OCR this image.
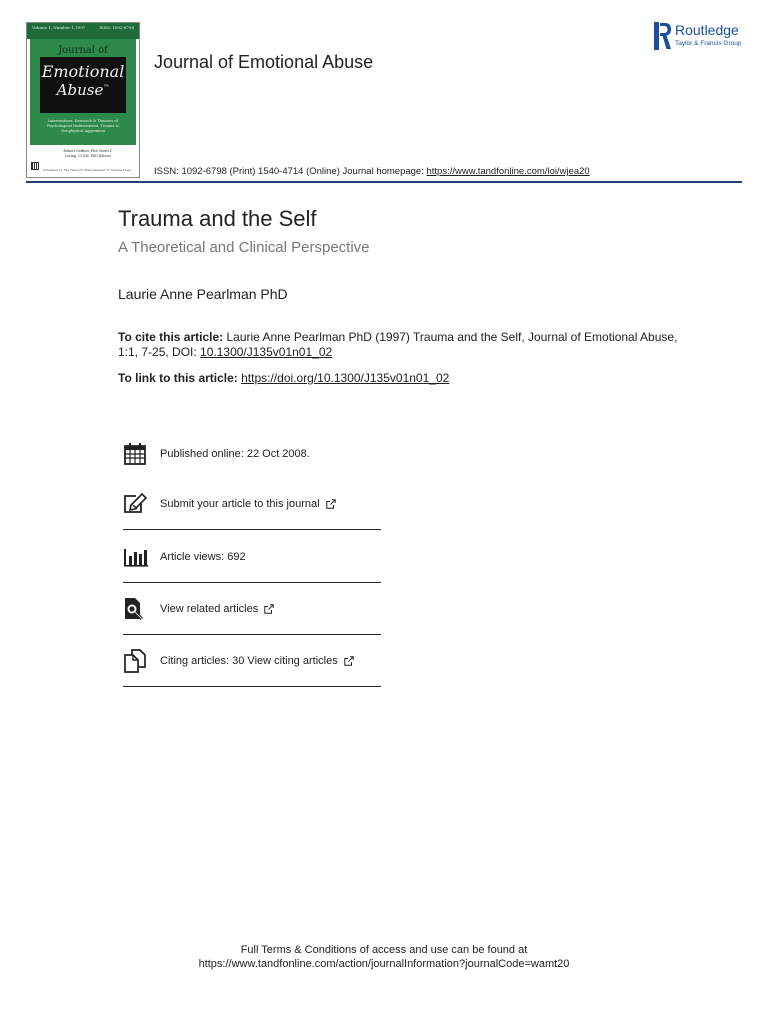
Volume 1, Number 1 1997	ISSN: 1092-6798
Journal of
Emotional
Abuse™
Interventions, Research & Theories of Psychological Maltreatment, Trauma & Nonphysical Aggression
Robert Geffner, PhD Marti T. Loring, LCSW, PhD Editors
Published by The Haworth Maltreatment & Trauma Press
Journal of Emotional Abuse
Routledge
Taylor & Francis Group
ISSN: 1092-6798 (Print) 1540-4714 (Online) Journal homepage: https://www.tandfonline.com/loi/wjea20
Trauma and the Self
A Theoretical and Clinical Perspective
Laurie Anne Pearlman PhD
To cite this article: Laurie Anne Pearlman PhD (1997) Trauma and the Self, Journal of Emotional Abuse, 1:1, 7-25, DOI: 10.1300/J135v01n01_02
To link to this article: https://doi.org/10.1300/J135v01n01_02
Published online: 22 Oct 2008.
Submit your article to this journal
Article views: 692
View related articles
Citing articles: 30 View citing articles
Full Terms & Conditions of access and use can be found at
https://www.tandfonline.com/action/journalInformation?journalCode=wamt20
